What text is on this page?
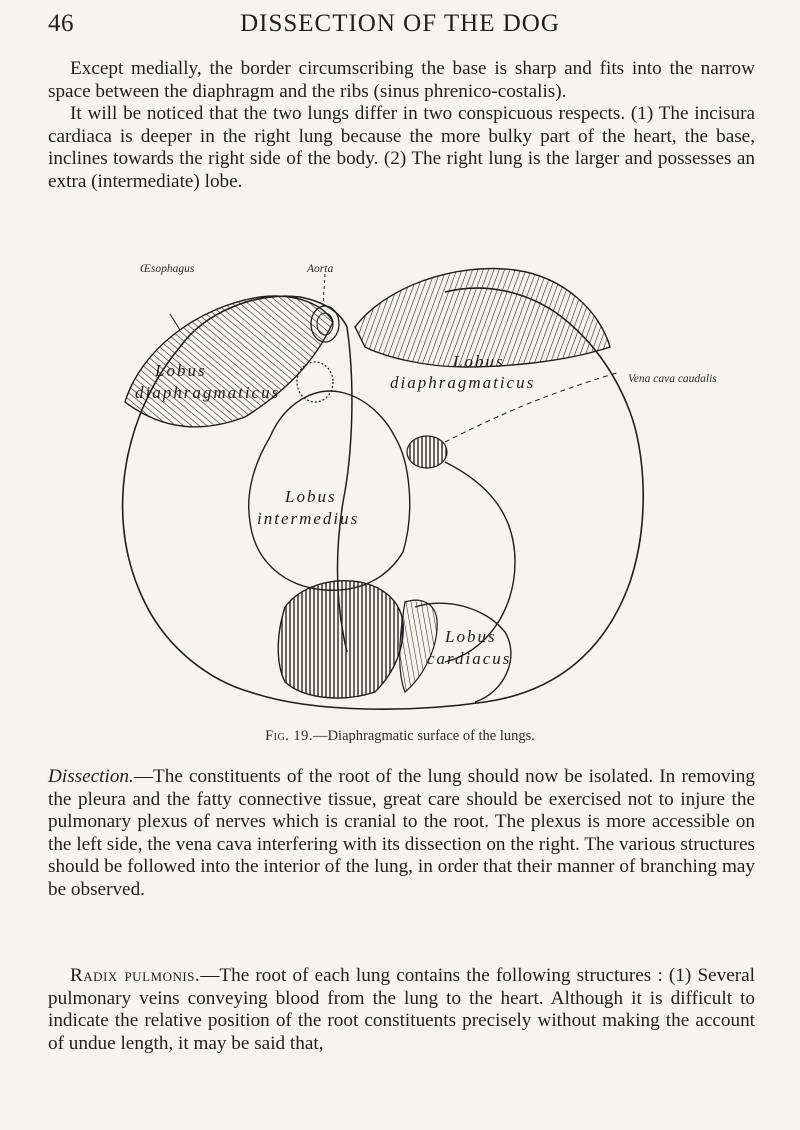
46	DISSECTION OF THE DOG

Except medially, the border circumscribing the base is sharp and fits into the narrow space between the diaphragm and the ribs (sinus phrenico-costalis).

It will be noticed that the two lungs differ in two conspicuous respects. (1) The incisura cardiaca is deeper in the right lung because the more bulky part of the heart, the base, inclines towards the right side of the body. (2) The right lung is the larger and possesses an extra (intermediate) lobe.

Œsophagus	Aorta
Vena cava caudalis
Lobus
diaphragmaticus
Lobus
diaphragmaticus
Lobus
intermedius
Lobus
cardiacus
Fig. 19.—Diaphragmatic surface of the lungs.

Dissection.—The constituents of the root of the lung should now be isolated. In removing the pleura and the fatty connective tissue, great care should be exercised not to injure the pulmonary plexus of nerves which is cranial to the root. The plexus is more accessible on the left side, the vena cava interfering with its dissection on the right. The various structures should be followed into the interior of the lung, in order that their manner of branching may be observed.

Radix pulmonis.—The root of each lung contains the following structures : (1) Several pulmonary veins conveying blood from the lung to the heart. Although it is difficult to indicate the relative position of the root constituents precisely without making the account of undue length, it may be said that,
